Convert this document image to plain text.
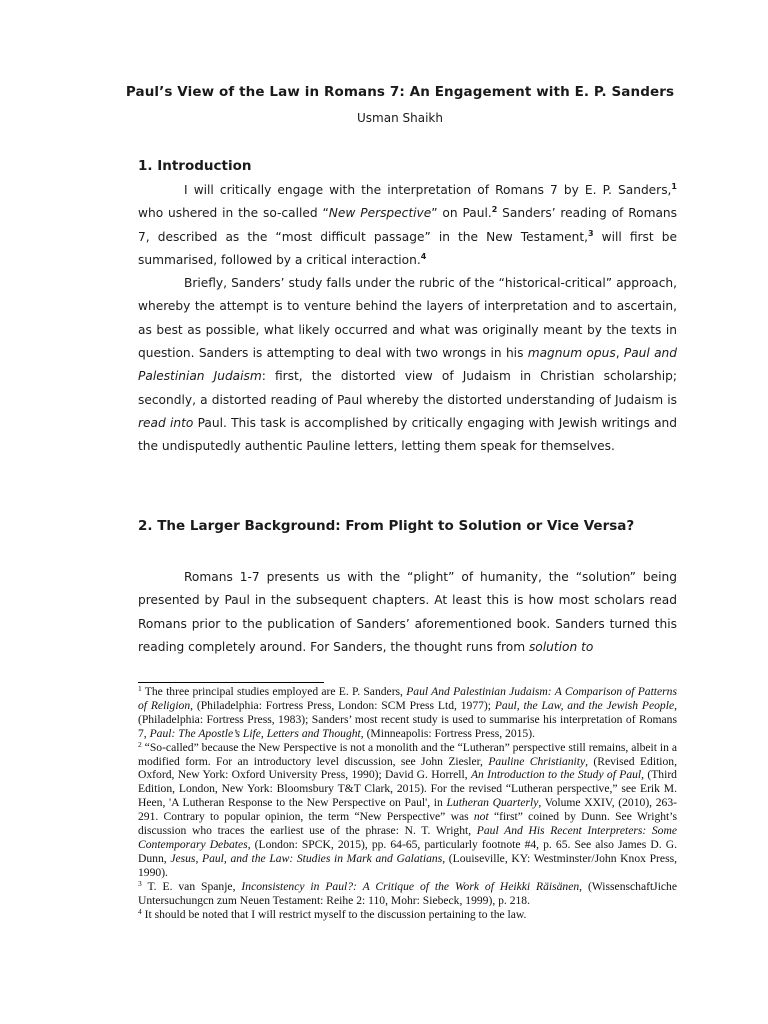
Paul’s View of the Law in Romans 7: An Engagement with E. P. Sanders
Usman Shaikh
1. Introduction

I will critically engage with the interpretation of Romans 7 by E. P. Sanders,$^1$ who ushered in the so-called “New Perspective” on Paul.$^2$ Sanders’ reading of Romans 7, described as the “most difficult passage” in the New Testament,$^3$ will first be summarised, followed by a critical interaction.$^4$

Briefly, Sanders’ study falls under the rubric of the “historical-critical” approach, whereby the attempt is to venture behind the layers of interpretation and to ascertain, as best as possible, what likely occurred and what was originally meant by the texts in question. Sanders is attempting to deal with two wrongs in his magnum opus, Paul and Palestinian Judaism: first, the distorted view of Judaism in Christian scholarship; secondly, a distorted reading of Paul whereby the distorted understanding of Judaism is read into Paul. This task is accomplished by critically engaging with Jewish writings and the undisputedly authentic Pauline letters, letting them speak for themselves.

2. The Larger Background: From Plight to Solution or Vice Versa?

Romans 1-7 presents us with the “plight” of humanity, the “solution” being presented by Paul in the subsequent chapters. At least this is how most scholars read Romans prior to the publication of Sanders’ aforementioned book. Sanders turned this reading completely around. For Sanders, the thought runs from solution to

$^1$ The three principal studies employed are E. P. Sanders, Paul And Palestinian Judaism: A Comparison of Patterns of Religion, (Philadelphia: Fortress Press, London: SCM Press Ltd, 1977); Paul, the Law, and the Jewish People, (Philadelphia: Fortress Press, 1983); Sanders’ most recent study is used to summarise his interpretation of Romans 7, Paul: The Apostle’s Life, Letters and Thought, (Minneapolis: Fortress Press, 2015).

$^2$ “So-called” because the New Perspective is not a monolith and the “Lutheran” perspective still remains, albeit in a modified form. For an introductory level discussion, see John Ziesler, Pauline Christianity, (Revised Edition, Oxford, New York: Oxford University Press, 1990); David G. Horrell, An Introduction to the Study of Paul, (Third Edition, London, New York: Bloomsbury T&T Clark, 2015). For the revised “Lutheran perspective,” see Erik M. Heen, 'A Lutheran Response to the New Perspective on Paul', in Lutheran Quarterly, Volume XXIV, (2010), 263-291. Contrary to popular opinion, the term “New Perspective” was not “first” coined by Dunn. See Wright’s discussion who traces the earliest use of the phrase: N. T. Wright, Paul And His Recent Interpreters: Some Contemporary Debates, (London: SPCK, 2015), pp. 64-65, particularly footnote #4, p. 65. See also James D. G. Dunn, Jesus, Paul, and the Law: Studies in Mark and Galatians, (Louiseville, KY: Westminster/John Knox Press, 1990).

$^3$ T. E. van Spanje, Inconsistency in Paul?: A Critique of the Work of Heikki Räisänen, (WissenschaftJiche Untersuchungcn zum Neuen Testament: Reihe 2: 110, Mohr: Siebeck, 1999), p. 218.

$^4$ It should be noted that I will restrict myself to the discussion pertaining to the law.
